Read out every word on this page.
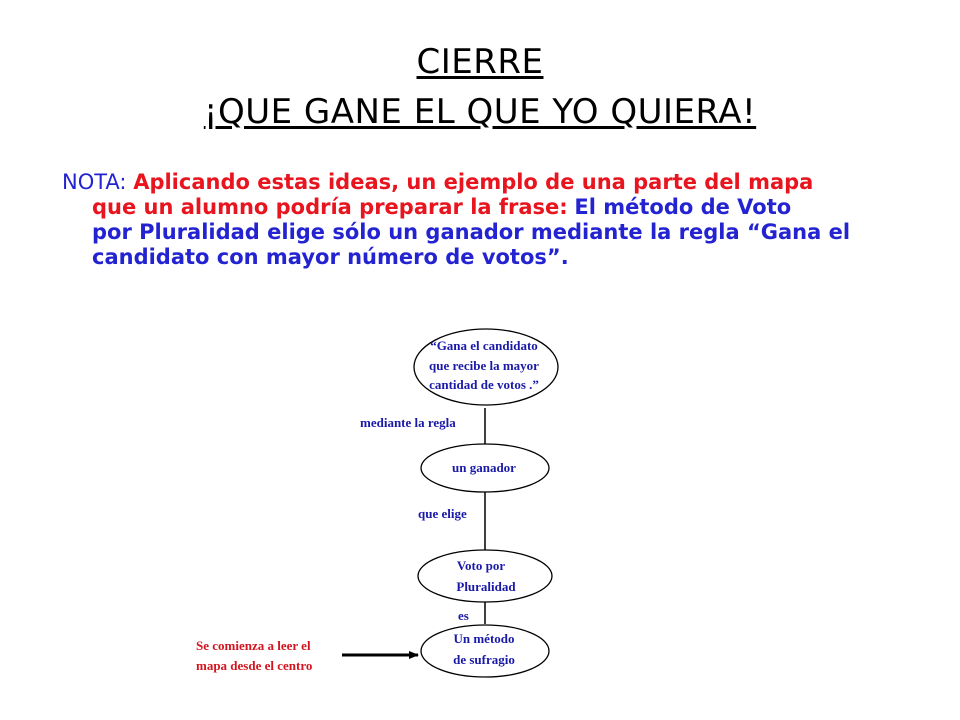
CIERRE
¡QUE GANE EL QUE YO QUIERA!
NOTA: Aplicando estas ideas, un ejemplo de una parte del mapa
que un alumno podría preparar la frase: El método de Voto
por Pluralidad elige sólo un ganador mediante la regla “Gana el
candidato con mayor número de votos”.
“Gana el candidato
que recibe la mayor
cantidad de votos .”
un ganador
Voto por
Pluralidad
Un método
de sufragio
mediante la regla
que elige
es
Se comienza a leer el
mapa desde el centro
